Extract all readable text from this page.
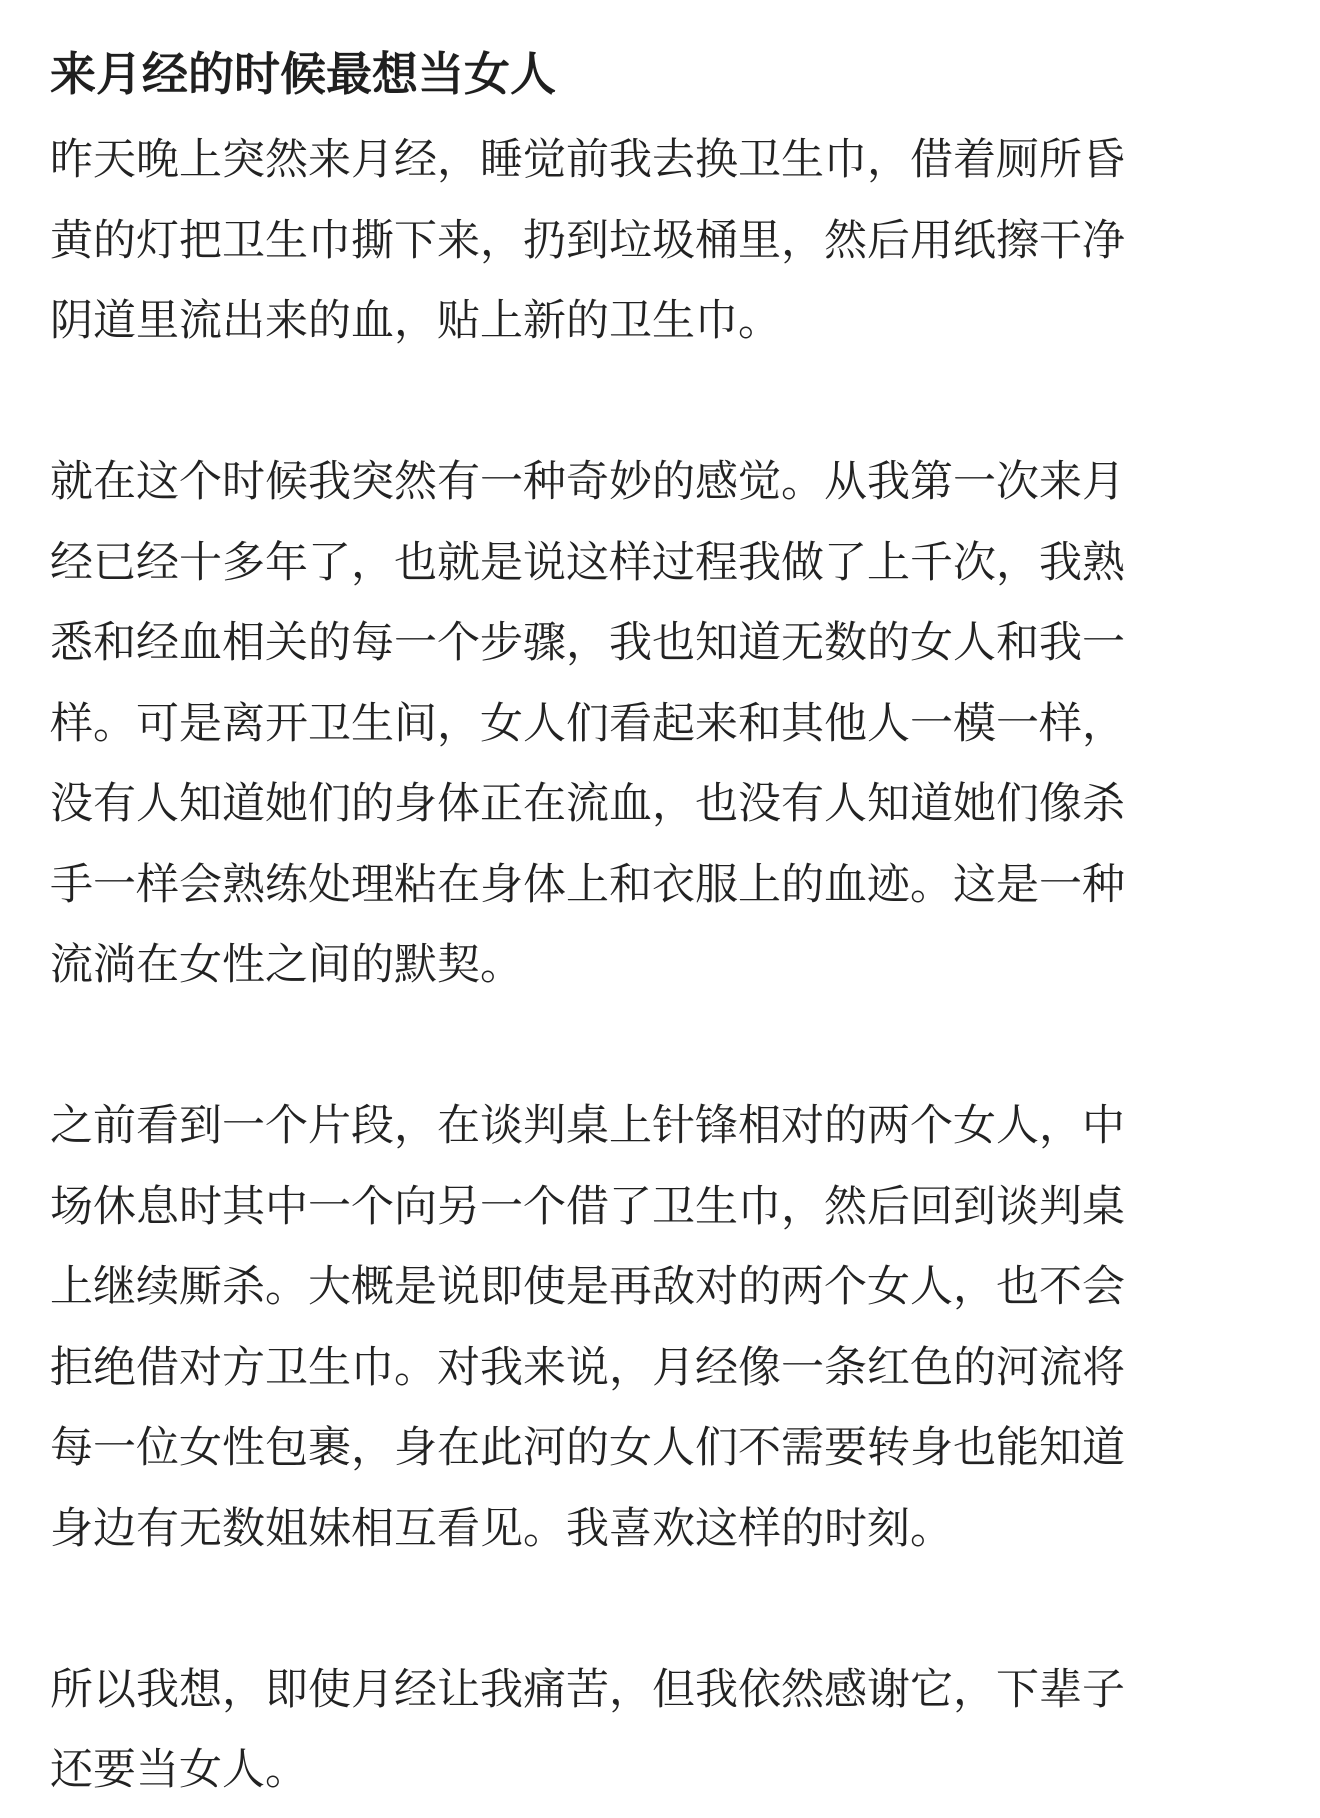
来月经的时候最想当女人

昨天晚上突然来月经，睡觉前我去换卫生巾，借着厕所昏
黄的灯把卫生巾撕下来，扔到垃圾桶里，然后用纸擦干净
阴道里流出来的血，贴上新的卫生巾。

就在这个时候我突然有一种奇妙的感觉。从我第一次来月
经已经十多年了，也就是说这样过程我做了上千次，我熟
悉和经血相关的每一个步骤，我也知道无数的女人和我一
样。可是离开卫生间，女人们看起来和其他人一模一样，
没有人知道她们的身体正在流血，也没有人知道她们像杀
手一样会熟练处理粘在身体上和衣服上的血迹。这是一种
流淌在女性之间的默契。

之前看到一个片段，在谈判桌上针锋相对的两个女人，中
场休息时其中一个向另一个借了卫生巾，然后回到谈判桌
上继续厮杀。大概是说即使是再敌对的两个女人，也不会
拒绝借对方卫生巾。对我来说，月经像一条红色的河流将
每一位女性包裹，身在此河的女人们不需要转身也能知道
身边有无数姐妹相互看见。我喜欢这样的时刻。

所以我想，即使月经让我痛苦，但我依然感谢它，下辈子
还要当女人。
